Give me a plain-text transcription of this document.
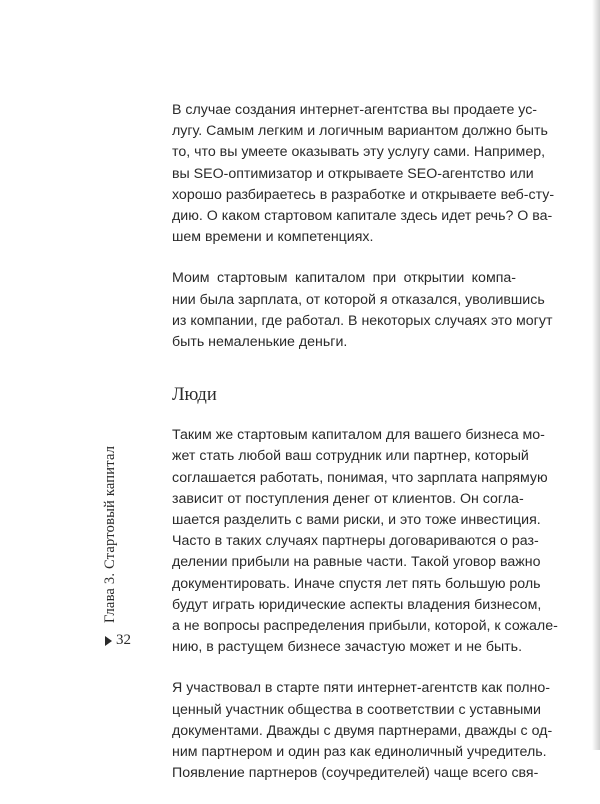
В случае создания интернет-агентства вы продаете ус-
лугу. Самым легким и логичным вариантом должно быть
то, что вы умеете оказывать эту услугу сами. Например,
вы SEO-оптимизатор и открываете SEO-агентство или
хорошо разбираетесь в разработке и открываете веб-сту-
дию. О каком стартовом капитале здесь идет речь? О ва-
шем времени и компетенциях.
Моим стартовым капиталом при открытии компа-
нии была зарплата, от которой я отказался, уволившись
из компании, где работал. В некоторых случаях это могут
быть немаленькие деньги.
Люди
Таким же стартовым капиталом для вашего бизнеса мо-
жет стать любой ваш сотрудник или партнер, который
соглашается работать, понимая, что зарплата напрямую
зависит от поступления денег от клиентов. Он согла-
шается разделить с вами риски, и это тоже инвестиция.
Часто в таких случаях партнеры договариваются о раз-
делении прибыли на равные части. Такой уговор важно
документировать. Иначе спустя лет пять большую роль
будут играть юридические аспекты владения бизнесом,
а не вопросы распределения прибыли, которой, к сожале-
нию, в растущем бизнесе зачастую может и не быть.
Я участвовал в старте пяти интернет-агентств как полно-
ценный участник общества в соответствии с уставными
документами. Дважды с двумя партнерами, дважды с од-
ним партнером и один раз как единоличный учредитель.
Появление партнеров (соучредителей) чаще всего свя-
Глава 3. Стартовый капитал
32
